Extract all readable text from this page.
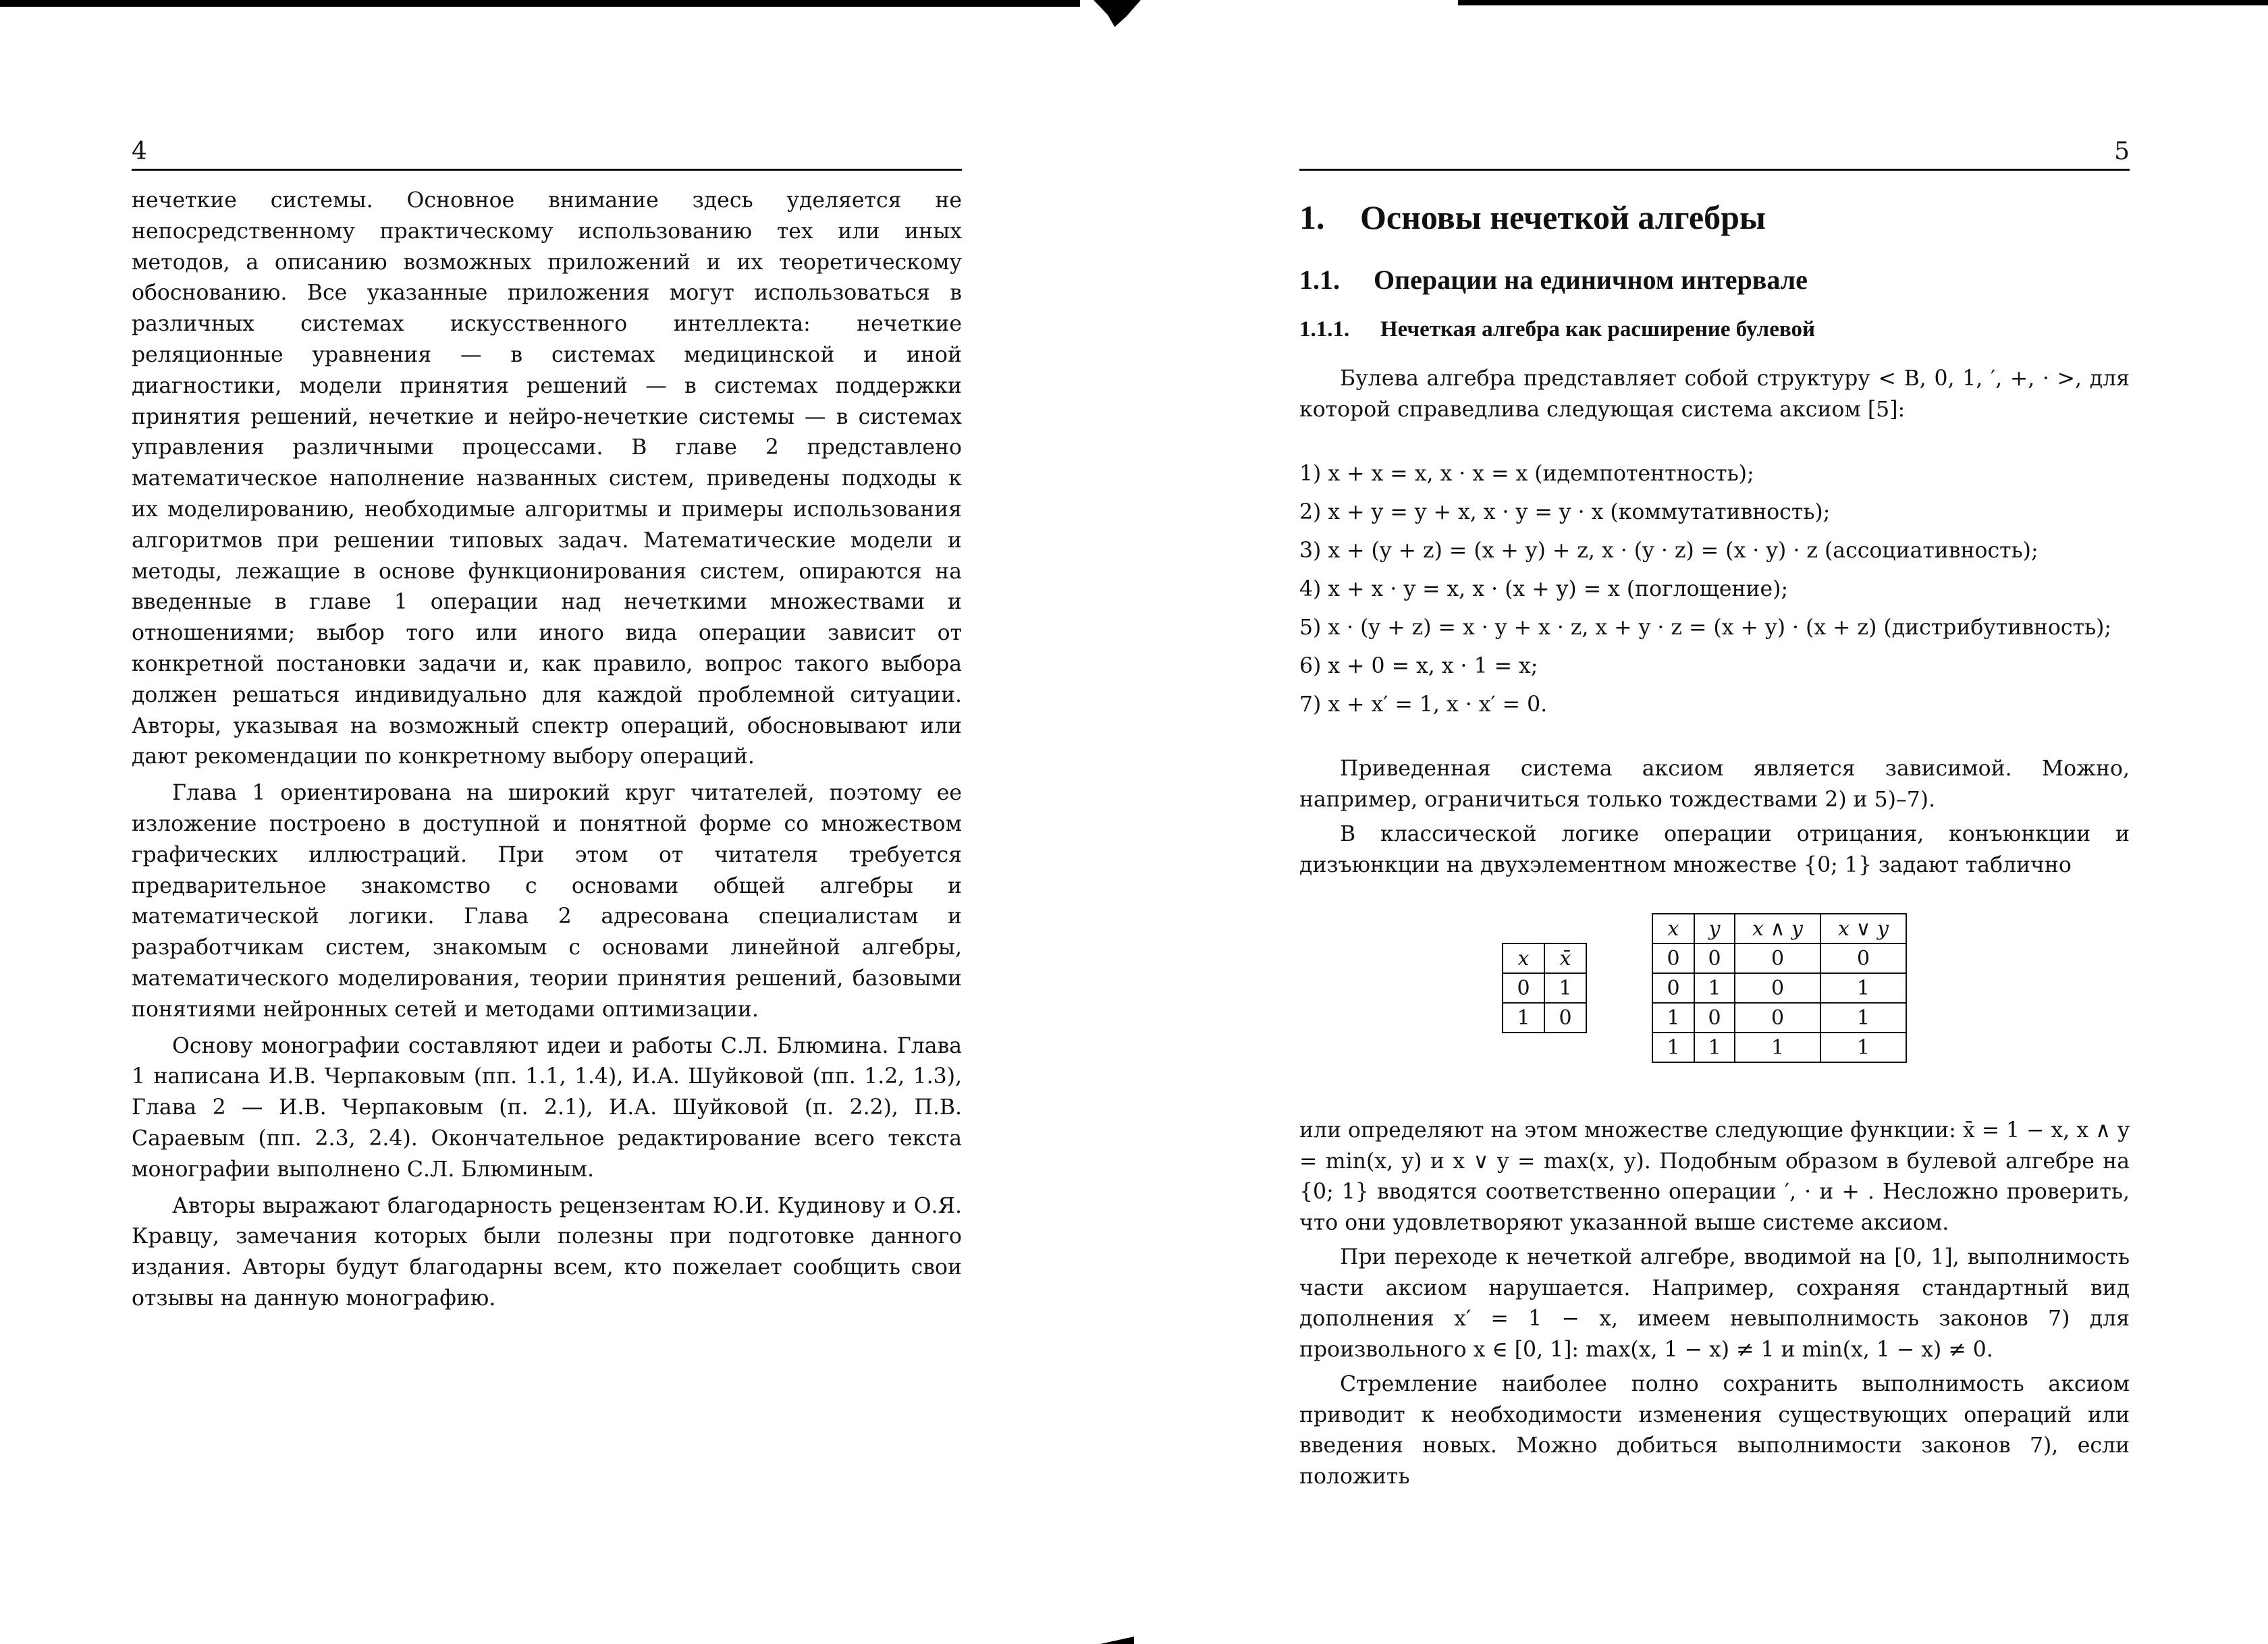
4

нечеткие системы. Основное внимание здесь уделяется не непосредственному практическому использованию тех или иных методов, а описанию возможных приложений и их теоретическому обоснованию. Все указанные приложения могут использоваться в различных системах искусственного интеллекта: нечеткие реляционные уравнения — в системах медицинской и иной диагностики, модели принятия решений — в системах поддержки принятия решений, нечеткие и нейро-нечеткие системы — в системах управления различными процессами. В главе 2 представлено математическое наполнение названных систем, приведены подходы к их моделированию, необходимые алгоритмы и примеры использования алгоритмов при решении типовых задач. Математические модели и методы, лежащие в основе функционирования систем, опираются на введенные в главе 1 операции над нечеткими множествами и отношениями; выбор того или иного вида операции зависит от конкретной постановки задачи и, как правило, вопрос такого выбора должен решаться индивидуально для каждой проблемной ситуации. Авторы, указывая на возможный спектр операций, обосновывают или дают рекомендации по конкретному выбору операций.

Глава 1 ориентирована на широкий круг читателей, поэтому ее изложение построено в доступной и понятной форме со множеством графических иллюстраций. При этом от читателя требуется предварительное знакомство с основами общей алгебры и математической логики. Глава 2 адресована специалистам и разработчикам систем, знакомым с основами линейной алгебры, математического моделирования, теории принятия решений, базовыми понятиями нейронных сетей и методами оптимизации.

Основу монографии составляют идеи и работы С.Л. Блюмина. Глава 1 написана И.В. Черпаковым (пп. 1.1, 1.4), И.А. Шуйковой (пп. 1.2, 1.3), Глава 2 — И.В. Черпаковым (п. 2.1), И.А. Шуйковой (п. 2.2), П.В. Сараевым (пп. 2.3, 2.4). Окончательное редактирование всего текста монографии выполнено С.Л. Блюминым.

Авторы выражают благодарность рецензентам Ю.И. Кудинову и О.Я. Кравцу, замечания которых были полезны при подготовке данного издания. Авторы будут благодарны всем, кто пожелает сообщить свои отзывы на данную монографию.

5
1.	Основы нечеткой алгебры
1.1.	Операции на единичном интервале
1.1.1.	Нечеткая алгебра как расширение булевой

Булева алгебра представляет собой структуру < B, 0, 1, ′, +, · >, для которой справедлива следующая система аксиом [5]:

1) x + x = x, x · x = x (идемпотентность);
2) x + y = y + x, x · y = y · x (коммутативность);
3) x + (y + z) = (x + y) + z, x · (y · z) = (x · y) · z (ассоциативность);
4) x + x · y = x, x · (x + y) = x (поглощение);
5) x · (y + z) = x · y + x · z, x + y · z = (x + y) · (x + z) (дистрибутивность);
6) x + 0 = x, x · 1 = x;
7) x + x′ = 1, x · x′ = 0.

Приведенная система аксиом является зависимой. Можно, например, ограничиться только тождествами 2) и 5)–7).

В классической логике операции отрицания, конъюнкции и дизъюнкции на двухэлементном множестве {0; 1} задают таблично

x	x̄
0	1
1	0
x	y	x ∧ y	x ∨ y
0	0	0	0
0	1	0	1
1	0	0	1
1	1	1	1

или определяют на этом множестве следующие функции: x̄ = 1 − x, x ∧ y = min(x, y) и x ∨ y = max(x, y). Подобным образом в булевой алгебре на {0; 1} вводятся соответственно операции ′, · и + . Несложно проверить, что они удовлетворяют указанной выше системе аксиом.

При переходе к нечеткой алгебре, вводимой на [0, 1], выполнимость части аксиом нарушается. Например, сохраняя стандартный вид дополнения x′ = 1 − x, имеем невыполнимость законов 7) для произвольного x ∈ [0, 1]: max(x, 1 − x) ≠ 1 и min(x, 1 − x) ≠ 0.

Стремление наиболее полно сохранить выполнимость аксиом приводит к необходимости изменения существующих операций или введения новых. Можно добиться выполнимости законов 7), если положить
